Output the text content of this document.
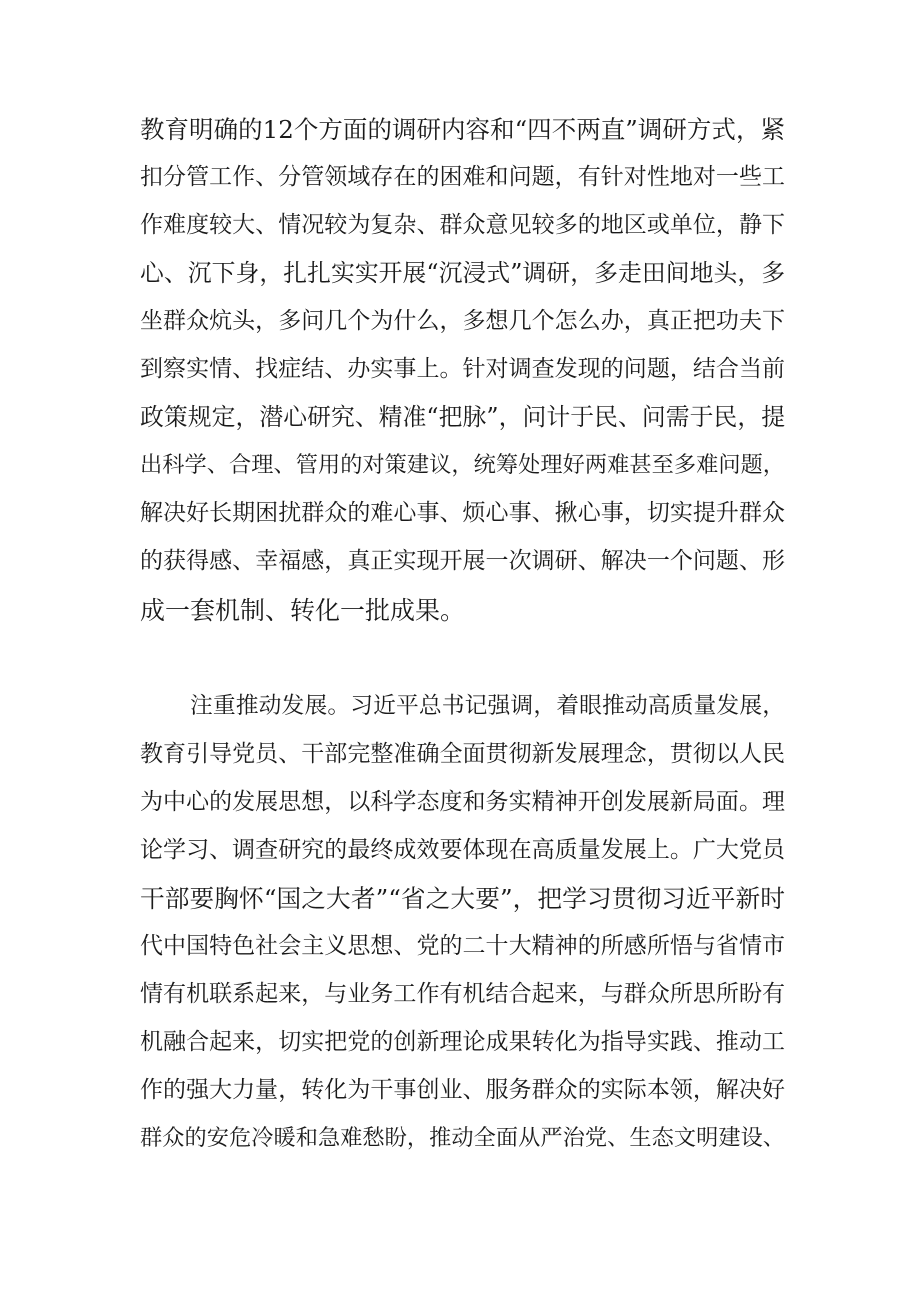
教育明确的12个方面的调研内容和“四不两直”调研方式，紧
扣分管工作、分管领域存在的困难和问题，有针对性地对一些工
作难度较大、情况较为复杂、群众意见较多的地区或单位，静下
心、沉下身，扎扎实实开展“沉浸式”调研，多走田间地头，多
坐群众炕头，多问几个为什么，多想几个怎么办，真正把功夫下
到察实情、找症结、办实事上。针对调查发现的问题，结合当前
政策规定，潜心研究、精准“把脉”，问计于民、问需于民，提
出科学、合理、管用的对策建议，统筹处理好两难甚至多难问题，
解决好长期困扰群众的难心事、烦心事、揪心事，切实提升群众
的获得感、幸福感，真正实现开展一次调研、解决一个问题、形
成一套机制、转化一批成果。
注重推动发展。习近平总书记强调，着眼推动高质量发展，
教育引导党员、干部完整准确全面贯彻新发展理念，贯彻以人民
为中心的发展思想，以科学态度和务实精神开创发展新局面。理
论学习、调查研究的最终成效要体现在高质量发展上。广大党员
干部要胸怀“国之大者”“省之大要”，把学习贯彻习近平新时
代中国特色社会主义思想、党的二十大精神的所感所悟与省情市
情有机联系起来，与业务工作有机结合起来，与群众所思所盼有
机融合起来，切实把党的创新理论成果转化为指导实践、推动工
作的强大力量，转化为干事创业、服务群众的实际本领，解决好
群众的安危冷暖和急难愁盼，推动全面从严治党、生态文明建设、
